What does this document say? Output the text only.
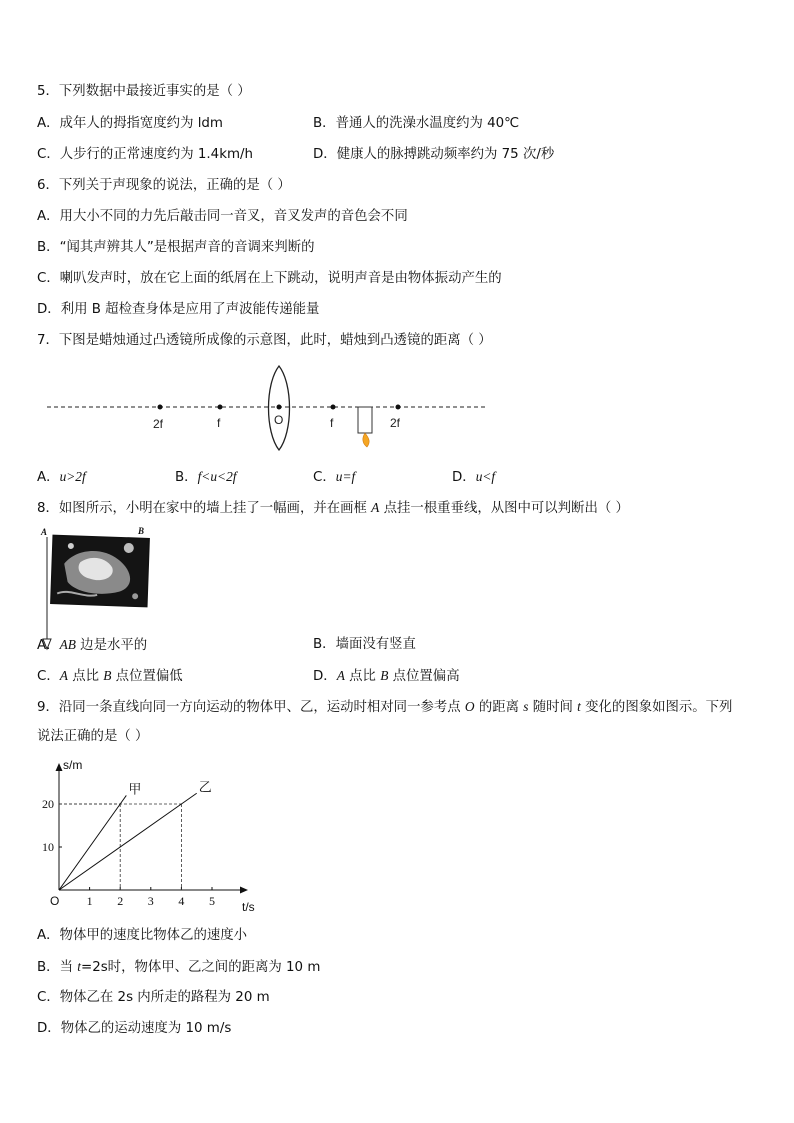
5．下列数据中最接近事实的是（ ）
A．成年人的拇指宽度约为 ldm	B．普通人的洗澡水温度约为 40℃
C．人步行的正常速度约为 1.4km/h	D．健康人的脉搏跳动频率约为 75 次/秒
6．下列关于声现象的说法，正确的是（ ）
A．用大小不同的力先后敲击同一音叉，音叉发声的音色会不同
B．“闻其声辨其人”是根据声音的音调来判断的
C．喇叭发声时，放在它上面的纸屑在上下跳动，说明声音是由物体振动产生的
D．利用 B 超检查身体是应用了声波能传递能量
7．下图是蜡烛通过凸透镜所成像的示意图，此时，蜡烛到凸透镜的距离（ ）
2f	f	O	f	2f
A．u>2f	B．f<u<2f	C．u=f	D．u<f
8．如图所示，小明在家中的墙上挂了一幅画，并在画框 A 点挂一根重垂线，从图中可以判断出（ ）
A	B
A．AB 边是水平的	B．墙面没有竖直
C．A 点比 B 点位置偏低	D．A 点比 B 点位置偏高
9．沿同一条直线向同一方向运动的物体甲、乙，运动时相对同一参考点 O 的距离 s 随时间 t 变化的图象如图示。下列
说法正确的是（ ）
s/m
t/s
O 1 2 3 4 5
10
20
甲	乙
A．物体甲的速度比物体乙的速度小
B．当 t=2s时，物体甲、乙之间的距离为 10 m
C．物体乙在 2s 内所走的路程为 20 m
D．物体乙的运动速度为 10 m/s
